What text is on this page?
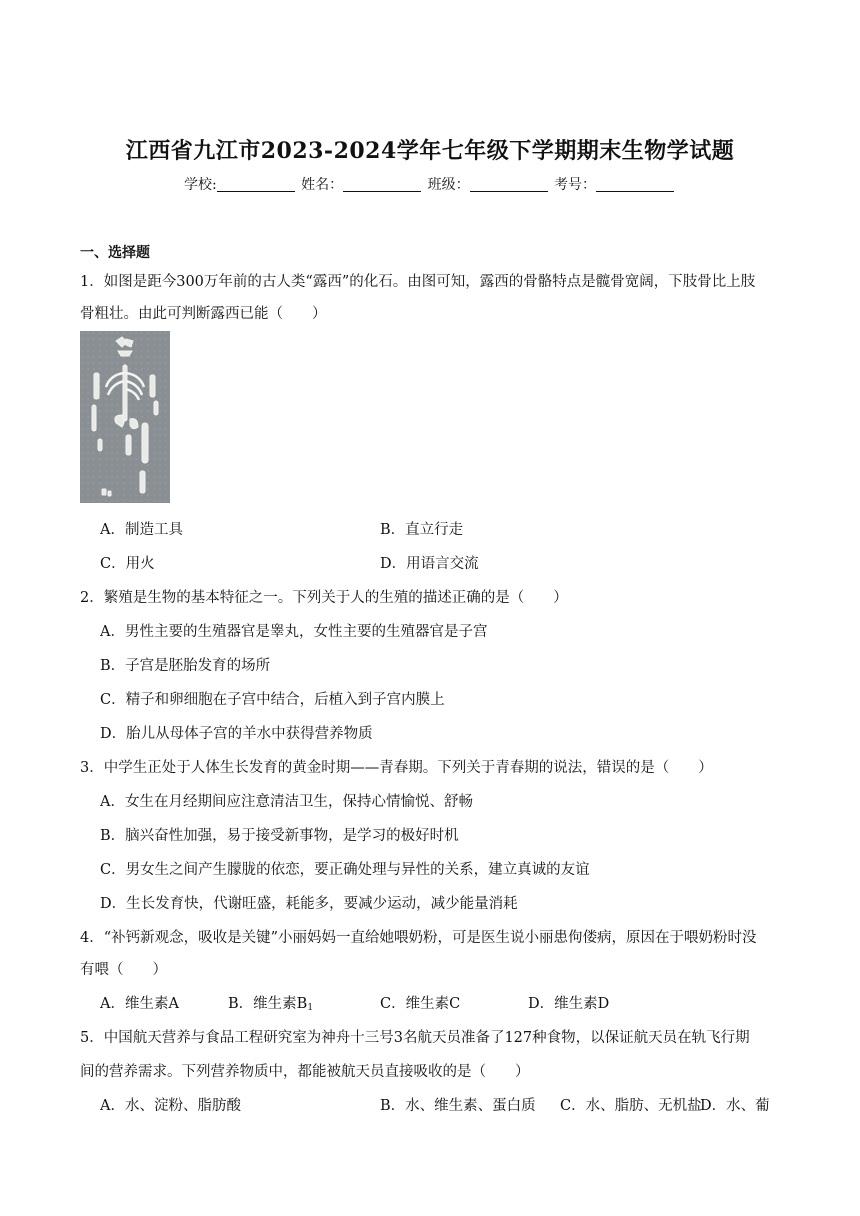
江西省九江市2023-2024学年七年级下学期期末生物学试题
学校:	姓名：	班级：	考号：
一、选择题
1．如图是距今300万年前的古人类“露西”的化石。由图可知，露西的骨骼特点是髋骨宽阔，下肢骨比上肢
骨粗壮。由此可判断露西已能（　　）
A．制造工具	B．直立行走
C．用火	D．用语言交流
2．繁殖是生物的基本特征之一。下列关于人的生殖的描述正确的是（　　）
A．男性主要的生殖器官是睾丸，女性主要的生殖器官是子宫
B．子宫是胚胎发育的场所
C．精子和卵细胞在子宫中结合，后植入到子宫内膜上
D．胎儿从母体子宫的羊水中获得营养物质
3．中学生正处于人体生长发育的黄金时期——青春期。下列关于青春期的说法，错误的是（　　）
A．女生在月经期间应注意清洁卫生，保持心情愉悦、舒畅
B．脑兴奋性加强，易于接受新事物，是学习的极好时机
C．男女生之间产生朦胧的依恋，要正确处理与异性的关系，建立真诚的友谊
D．生长发育快，代谢旺盛，耗能多，要减少运动，减少能量消耗
4．“补钙新观念，吸收是关键”小丽妈妈一直给她喂奶粉，可是医生说小丽患佝偻病，原因在于喂奶粉时没
有喂（　　）
A．维生素A	B．维生素$B_1$	C．维生素C	D．维生素D
5．中国航天营养与食品工程研究室为神舟十三号3名航天员准备了127种食物，以保证航天员在轨飞行期
间的营养需求。下列营养物质中，都能被航天员直接吸收的是（　　）
A．水、淀粉、脂肪酸	B．水、维生素、蛋白质 C．水、脂肪、无机盐
D．水、葡
